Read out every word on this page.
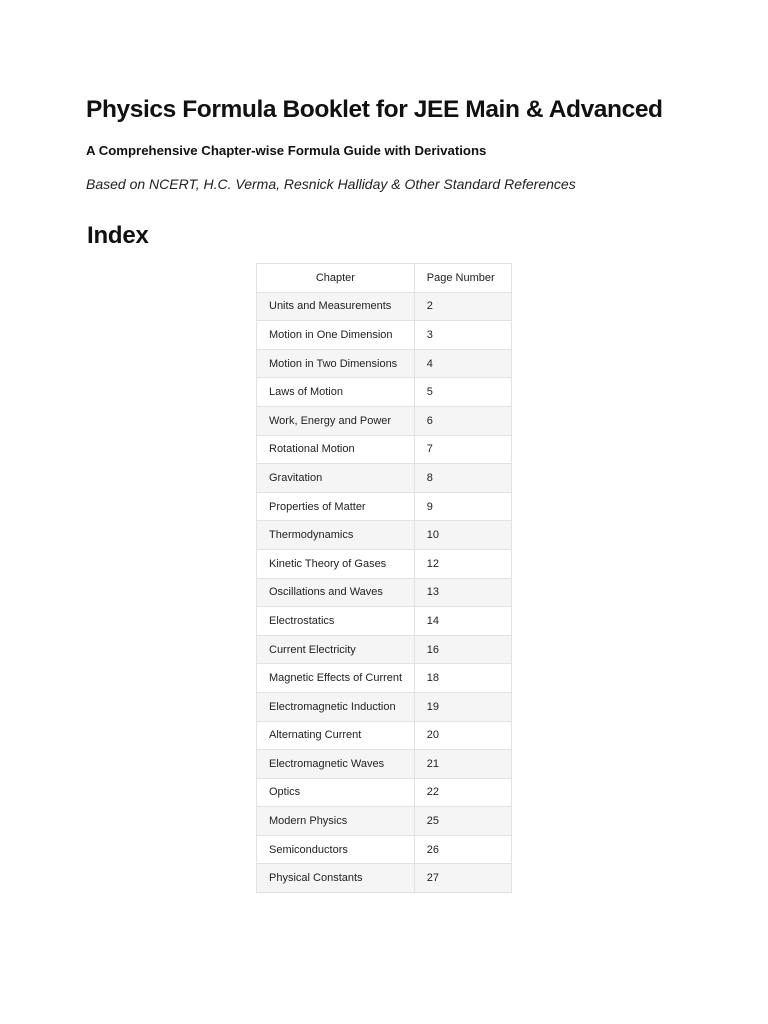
Physics Formula Booklet for JEE Main & Advanced

A Comprehensive Chapter-wise Formula Guide with Derivations

Based on NCERT, H.C. Verma, Resnick Halliday & Other Standard References

Index
Chapter	Page Number
Units and Measurements	2
Motion in One Dimension	3
Motion in Two Dimensions	4
Laws of Motion	5
Work, Energy and Power	6
Rotational Motion	7
Gravitation	8
Properties of Matter	9
Thermodynamics	10
Kinetic Theory of Gases	12
Oscillations and Waves	13
Electrostatics	14
Current Electricity	16
Magnetic Effects of Current	18
Electromagnetic Induction	19
Alternating Current	20
Electromagnetic Waves	21
Optics	22
Modern Physics	25
Semiconductors	26
Physical Constants	27
